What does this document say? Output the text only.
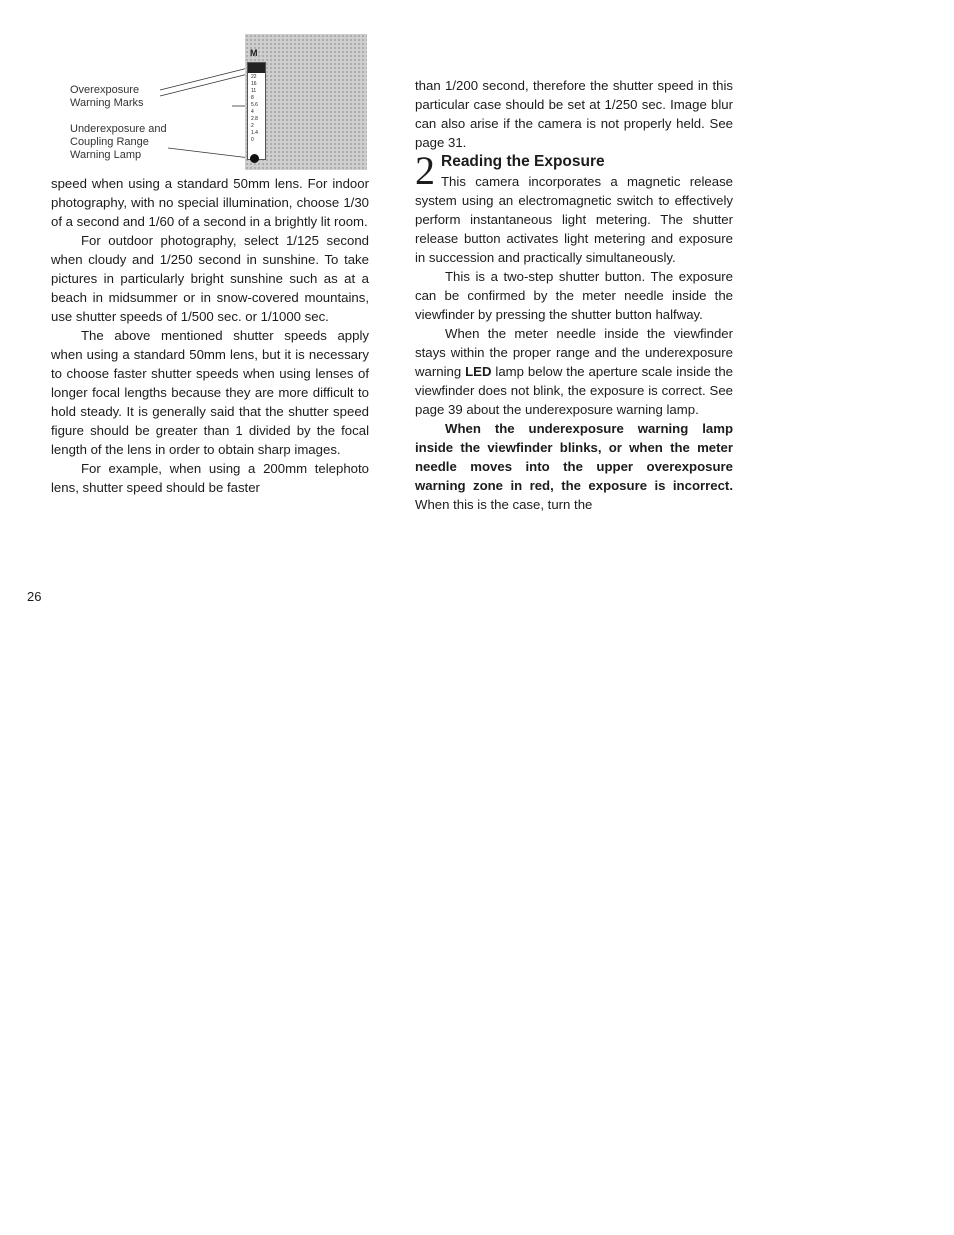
Overexposure
Warning Marks
Underexposure and
Coupling Range
Warning Lamp
M
22
16
11
8
5.6
4
2.8
2
1.4
0

speed when using a standard 50mm lens. For indoor photography, with no special illumination, choose 1/30 of a second and 1/60 of a second in a brightly lit room.

For outdoor photography, select 1/125 second when cloudy and 1/250 second in sunshine. To take pictures in particularly bright sunshine such as at a beach in midsummer or in snow-covered mountains, use shutter speeds of 1/500 sec. or 1/1000 sec.

The above mentioned shutter speeds apply when using a standard 50mm lens, but it is necessary to choose faster shutter speeds when using lenses of longer focal lengths because they are more difficult to hold steady. It is generally said that the shutter speed figure should be greater than 1 divided by the focal length of the lens in order to obtain sharp images.

For example, when using a 200mm telephoto lens, shutter speed should be faster

than 1/200 second, therefore the shutter speed in this particular case should be set at 1/250 sec. Image blur can also arise if the camera is not properly held. See page 31.

2 Reading the Exposure

This camera incorporates a magnetic release system using an electromagnetic switch to effectively perform instantaneous light metering. The shutter release button activates light metering and exposure in succession and practically simultaneously.

This is a two-step shutter button. The exposure can be confirmed by the meter needle inside the viewfinder by pressing the shutter button halfway.

When the meter needle inside the viewfinder stays within the proper range and the underexposure warning LED lamp below the aperture scale inside the viewfinder does not blink, the exposure is correct. See page 39 about the underexposure warning lamp.

When the underexposure warning lamp inside the viewfinder blinks, or when the meter needle moves into the upper overexposure warning zone in red, the exposure is incorrect. When this is the case, turn the

26
